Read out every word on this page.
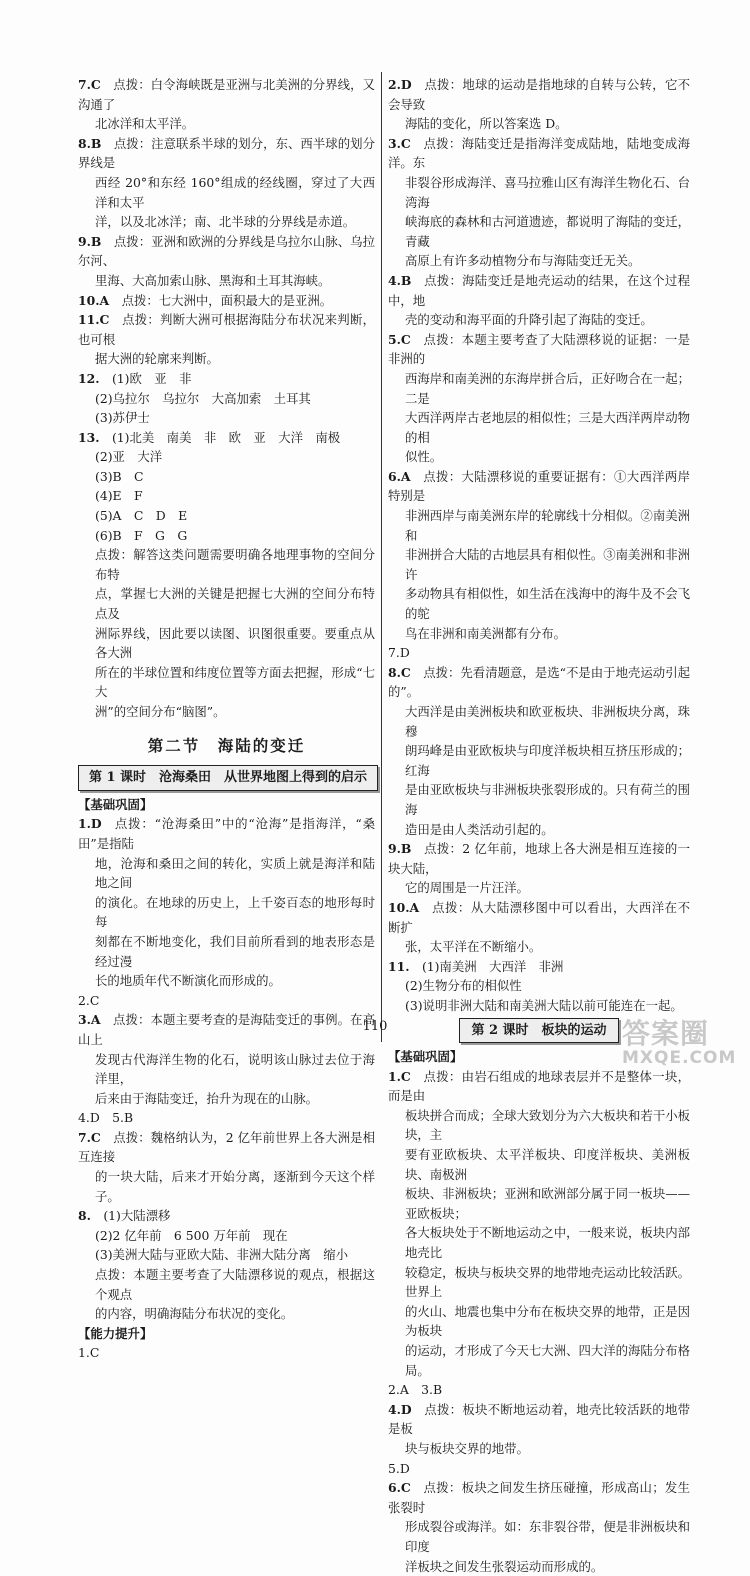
7.C 点拨：白令海峡既是亚洲与北美洲的分界线，又沟通了
北冰洋和太平洋。
8.B 点拨：注意联系半球的划分，东、西半球的划分界线是
西经 20°和东经 160°组成的经线圈，穿过了大西洋和太平
洋，以及北冰洋；南、北半球的分界线是赤道。
9.B 点拨：亚洲和欧洲的分界线是乌拉尔山脉、乌拉尔河、
里海、大高加索山脉、黑海和土耳其海峡。
10.A 点拨：七大洲中，面积最大的是亚洲。
11.C 点拨：判断大洲可根据海陆分布状况来判断，也可根
据大洲的轮廓来判断。
12. (1)欧　亚　非
(2)乌拉尔　乌拉尔　大高加索　土耳其
(3)苏伊士
13. (1)北美　南美　非　欧　亚　大洋　南极
(2)亚　大洋
(3)B　C
(4)E　F
(5)A　C　D　E
(6)B　F　G　G
点拨：解答这类问题需要明确各地理事物的空间分布特
点，掌握七大洲的关键是把握七大洲的空间分布特点及
洲际界线，因此要以读图、识图很重要。要重点从各大洲
所在的半球位置和纬度位置等方面去把握，形成“七大
洲”的空间分布“脑图”。
第二节　海陆的变迁
第 1 课时　沧海桑田　从世界地图上得到的启示
【基础巩固】
1.D 点拨：“沧海桑田”中的“沧海”是指海洋，“桑田”是指陆
地，沧海和桑田之间的转化，实质上就是海洋和陆地之间
的演化。在地球的历史上，上千姿百态的地形每时每
刻都在不断地变化，我们目前所看到的地表形态是经过漫
长的地质年代不断演化而形成的。
2.C
3.A 点拨：本题主要考查的是海陆变迁的事例。在高山上
发现古代海洋生物的化石，说明该山脉过去位于海洋里，
后来由于海陆变迁，抬升为现在的山脉。
4.D　5.B
7.C 点拨：魏格纳认为，2 亿年前世界上各大洲是相互连接
的一块大陆，后来才开始分离，逐渐到今天这个样子。
8. (1)大陆漂移
(2)2 亿年前　6 500 万年前　现在
(3)美洲大陆与亚欧大陆、非洲大陆分离　缩小
点拨：本题主要考查了大陆漂移说的观点，根据这个观点
的内容，明确海陆分布状况的变化。
【能力提升】
1.C
2.D 点拨：地球的运动是指地球的自转与公转，它不会导致
海陆的变化，所以答案选 D。
3.C 点拨：海陆变迁是指海洋变成陆地，陆地变成海洋。东
非裂谷形成海洋、喜马拉雅山区有海洋生物化石、台湾海
峡海底的森林和古河道遗迹，都说明了海陆的变迁，青藏
高原上有许多动植物分布与海陆变迁无关。
4.B 点拨：海陆变迁是地壳运动的结果，在这个过程中，地
壳的变动和海平面的升降引起了海陆的变迁。
5.C 点拨：本题主要考查了大陆漂移说的证据：一是非洲的
西海岸和南美洲的东海岸拼合后，正好吻合在一起；二是
大西洋两岸古老地层的相似性；三是大西洋两岸动物的相
似性。
6.A 点拨：大陆漂移说的重要证据有：①大西洋两岸特别是
非洲西岸与南美洲东岸的轮廓线十分相似。②南美洲和
非洲拼合大陆的古地层具有相似性。③南美洲和非洲许
多动物具有相似性，如生活在浅海中的海牛及不会飞的鸵
鸟在非洲和南美洲都有分布。
7.D
8.C 点拨：先看清题意，是选“不是由于地壳运动引起的”。
大西洋是由美洲板块和欧亚板块、非洲板块分离，珠穆
朗玛峰是由亚欧板块与印度洋板块相互挤压形成的；红海
是由亚欧板块与非洲板块张裂形成的。只有荷兰的围海
造田是由人类活动引起的。
9.B 点拨：2 亿年前，地球上各大洲是相互连接的一块大陆，
它的周围是一片汪洋。
10.A 点拨：从大陆漂移图中可以看出，大西洋在不断扩
张，太平洋在不断缩小。
11. (1)南美洲　大西洋　非洲
(2)生物分布的相似性
(3)说明非洲大陆和南美洲大陆以前可能连在一起。
第 2 课时　板块的运动
【基础巩固】
1.C 点拨：由岩石组成的地球表层并不是整体一块，而是由
板块拼合而成；全球大致划分为六大板块和若干小板块，主
要有亚欧板块、太平洋板块、印度洋板块、美洲板块、南极洲
板块、非洲板块；亚洲和欧洲部分属于同一板块——亚欧板块；
各大板块处于不断地运动之中，一般来说，板块内部地壳比
较稳定，板块与板块交界的地带地壳运动比较活跃。世界上
的火山、地震也集中分布在板块交界的地带，正是因为板块
的运动，才形成了今天七大洲、四大洋的海陆分布格局。
2.A　3.B
4.D 点拨：板块不断地运动着，地壳比较活跃的地带是板
块与板块交界的地带。
5.D
6.C 点拨：板块之间发生挤压碰撞，形成高山；发生张裂时
形成裂谷或海洋。如：东非裂谷带，便是非洲板块和印度
洋板块之间发生张裂运动而形成的。
110	答案圈
MXQE.COM
